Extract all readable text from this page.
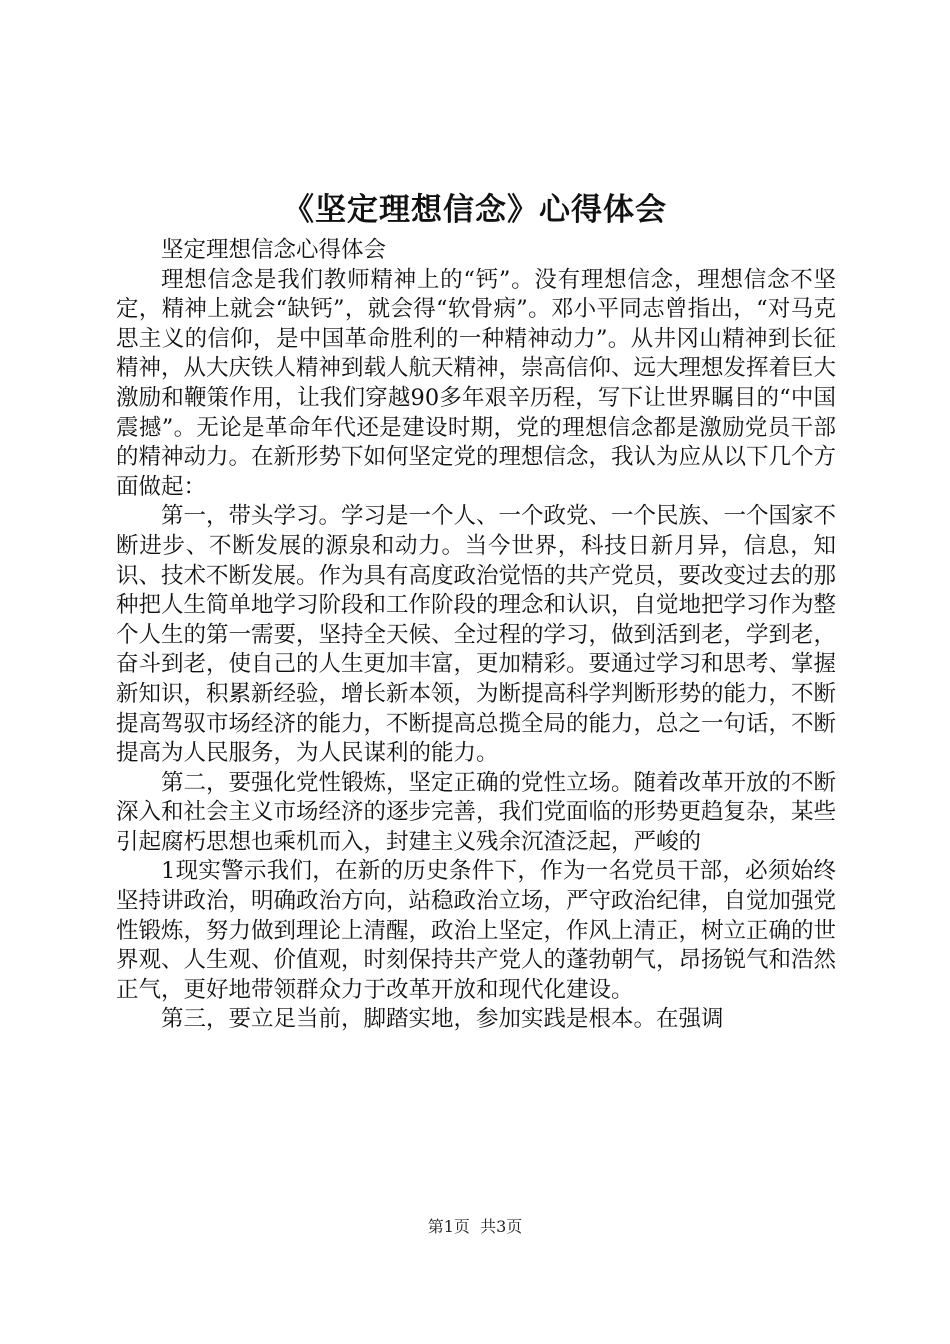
《坚定理想信念》心得体会

坚定理想信念心得体会

理想信念是我们教师精神上的“钙”。没有理想信念，理想信念不坚定，精神上就会“缺钙”，就会得“软骨病”。邓小平同志曾指出，“对马克思主义的信仰，是中国革命胜利的一种精神动力”。从井冈山精神到长征精神，从大庆铁人精神到载人航天精神，崇高信仰、远大理想发挥着巨大激励和鞭策作用，让我们穿越90多年艰辛历程，写下让世界瞩目的“中国震撼”。无论是革命年代还是建设时期，党的理想信念都是激励党员干部的精神动力。在新形势下如何坚定党的理想信念，我认为应从以下几个方面做起：

第一，带头学习。学习是一个人、一个政党、一个民族、一个国家不断进步、不断发展的源泉和动力。当今世界，科技日新月异，信息，知识、技术不断发展。作为具有高度政治觉悟的共产党员，要改变过去的那种把人生简单地学习阶段和工作阶段的理念和认识，自觉地把学习作为整个人生的第一需要，坚持全天候、全过程的学习，做到活到老，学到老，奋斗到老，使自己的人生更加丰富，更加精彩。要通过学习和思考、掌握新知识，积累新经验，增长新本领，为断提高科学判断形势的能力，不断提高驾驭市场经济的能力，不断提高总揽全局的能力，总之一句话，不断提高为人民服务，为人民谋利的能力。

第二，要强化党性锻炼，坚定正确的党性立场。随着改革开放的不断深入和社会主义市场经济的逐步完善，我们党面临的形势更趋复杂，某些引起腐朽思想也乘机而入，封建主义残余沉渣泛起，严峻的

1现实警示我们，在新的历史条件下，作为一名党员干部，必须始终坚持讲政治，明确政治方向，站稳政治立场，严守政治纪律，自觉加强党性锻炼，努力做到理论上清醒，政治上坚定，作风上清正，树立正确的世界观、人生观、价值观，时刻保持共产党人的蓬勃朝气，昂扬锐气和浩然正气，更好地带领群众力于改革开放和现代化建设。

第三，要立足当前，脚踏实地，参加实践是根本。在强调

第1页 共3页
